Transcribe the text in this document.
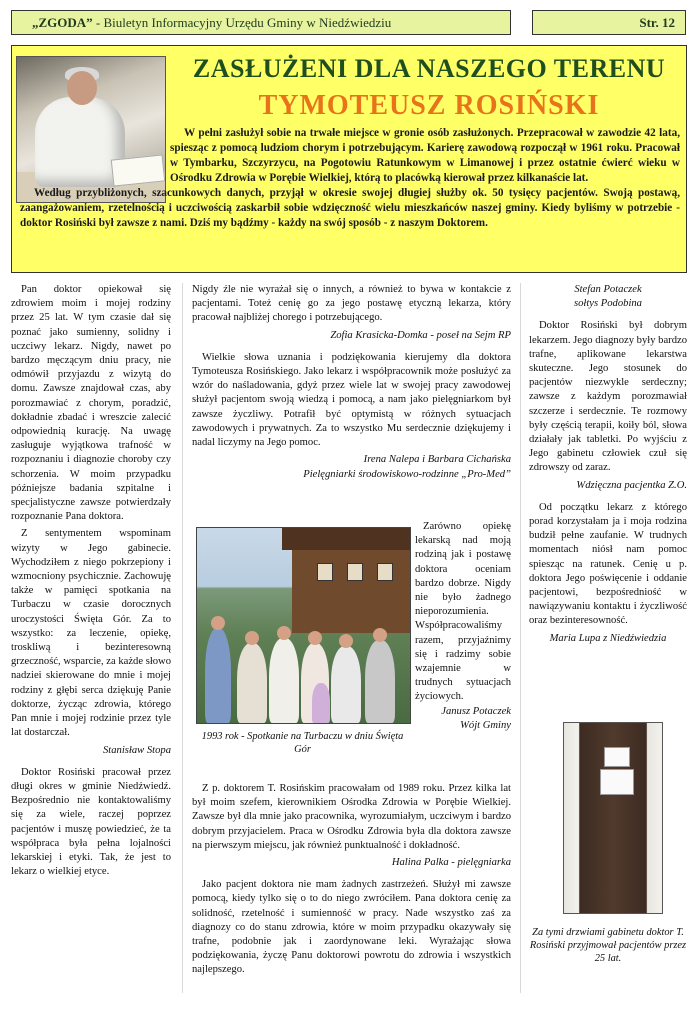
„ZGODA” - Biuletyn Informacyjny Urzędu Gminy w Niedźwiedziu	Str. 12
ZASŁUŻENI DLA NASZEGO TERENU
TYMOTEUSZ ROSIŃSKI

W pełni zasłużył sobie na trwałe miejsce w gronie osób zasłużonych. Przepracował w zawodzie 42 lata, spiesząc z pomocą ludziom chorym i potrzebującym. Karierę zawodową rozpoczął w 1961 roku. Pracował w Tymbarku, Szczyrzycu, na Pogotowiu Ratunkowym w Limanowej i przez ostatnie ćwierć wieku w Ośrodku Zdrowia w Porębie Wielkiej, którą to placówką kierował przez kilkanaście lat.

Według przybliżonych, szacunkowych danych, przyjął w okresie swojej długiej służby ok. 50 tysięcy pacjentów. Swoją postawą, zaangażowaniem, rzetelnością i uczciwością zaskarbił sobie wdzięczność wielu mieszkańców naszej gminy. Kiedy byliśmy w potrzebie - doktor Rosiński był zawsze z nami. Dziś my bądźmy - każdy na swój sposób - z naszym Doktorem.

Pan doktor opiekował się zdrowiem moim i mojej rodziny przez 25 lat. W tym czasie dał się poznać jako sumienny, solidny i uczciwy lekarz. Nigdy, nawet po bardzo męczącym dniu pracy, nie odmówił przyjazdu z wizytą do domu. Zawsze znajdował czas, aby porozmawiać z chorym, poradzić, dokładnie zbadać i wreszcie zalecić odpowiednią kurację. Na uwagę zasługuje wyjątkowa trafność w rozpoznaniu i diagnozie choroby czy schorzenia. W moim przypadku późniejsze badania szpitalne i specjalistyczne zawsze potwierdzały rozpoznanie Pana doktora.

Z sentymentem wspominam wizyty w Jego gabinecie. Wychodziłem z niego pokrzepiony i wzmocniony psychicznie. Zachowuję także w pamięci spotkania na Turbaczu w czasie dorocznych uroczystości Święta Gór. Za to wszystko: za leczenie, opiekę, troskliwą i bezinteresowną grzeczność, wsparcie, za każde słowo nadziei skierowane do mnie i mojej rodziny z głębi serca dziękuję Panie doktorze, życząc zdrowia, którego Pan mnie i mojej rodzinie przez tyle lat dostarczał.

Stanisław Stopa

Doktor Rosiński pracował przez długi okres w gminie Niedźwiedź. Bezpośrednio nie kontaktowaliśmy się za wiele, raczej poprzez pacjentów i muszę powiedzieć, że ta współpraca była pełna lojalności lekarskiej i etyki. Tak, że jest to lekarz o wielkiej etyce.

Nigdy źle nie wyrażał się o innych, a również to bywa w kontakcie z pacjentami. Toteż cenię go za jego postawę etyczną lekarza, który pracował najbliżej chorego i potrzebującego.

Zofia Krasicka-Domka - poseł na Sejm RP

Wielkie słowa uznania i podziękowania kierujemy dla doktora Tymoteusza Rosińskiego. Jako lekarz i współpracownik może posłużyć za wzór do naśladowania, gdyż przez wiele lat w swojej pracy zawodowej służył pacjentom swoją wiedzą i pomocą, a nam jako pielęgniarkom był zawsze życzliwy. Potrafił być optymistą w różnych sytuacjach zawodowych i prywatnych. Za to wszystko Mu serdecznie dziękujemy i nadal liczymy na Jego pomoc.

Irena Nalepa i Barbara Cichańska

Pielęgniarki środowiskowo-rodzinne „Pro-Med”

1993 rok - Spotkanie na Turbaczu w dniu Święta Gór

Zarówno opiekę lekarską nad moją rodziną jak i postawę doktora oceniam bardzo dobrze. Nigdy nie było żadnego nieporozumienia. Współpracowaliśmy razem, przyjaźnimy się i radzimy sobie wzajemnie w trudnych sytuacjach życiowych.

Janusz Potaczek

Wójt Gminy

Z p. doktorem T. Rosińskim pracowałam od 1989 roku. Przez kilka lat był moim szefem, kierownikiem Ośrodka Zdrowia w Porębie Wielkiej. Zawsze był dla mnie jako pracownika, wyrozumiałym, uczciwym i bardzo dobrym przyjacielem. Praca w Ośrodku Zdrowia była dla doktora zawsze na pierwszym miejscu, jak również punktualność i dokładność.

Halina Palka - pielęgniarka

Jako pacjent doktora nie mam żadnych zastrzeżeń. Służył mi zawsze pomocą, kiedy tylko się o to do niego zwróciłem. Pana doktora cenię za solidność, rzetelność i sumienność w pracy. Nade wszystko zaś za diagnozy co do stanu zdrowia, które w moim przypadku okazywały się trafne, podobnie jak i zaordynowane leki. Wyrażając słowa podziękowania, życzę Panu doktorowi powrotu do zdrowia i wszystkich najlepszego.

Stefan Potaczek

sołtys Podobina

Doktor Rosiński był dobrym lekarzem. Jego diagnozy były bardzo trafne, aplikowane lekarstwa skuteczne. Jego stosunek do pacjentów niezwykle serdeczny; zawsze z każdym porozmawiał szczerze i serdecznie. Te rozmowy były częścią terapii, koiły ból, słowa działały jak tabletki. Po wyjściu z Jego gabinetu człowiek czuł się zdrowszy od zaraz.

Wdzięczna pacjentka Z.O.

Od początku lekarz z którego porad korzystałam ja i moja rodzina budził pełne zaufanie. W trudnych momentach niósł nam pomoc spiesząc na ratunek. Cenię u p. doktora Jego poświęcenie i oddanie pacjentowi, bezpośredniość w nawiązywaniu kontaktu i życzliwość oraz bezinteresowność.

Maria Lupa z Niedźwiedzia

Za tymi drzwiami gabinetu doktor T. Rosiński przyjmował pacjentów przez 25 lat.
